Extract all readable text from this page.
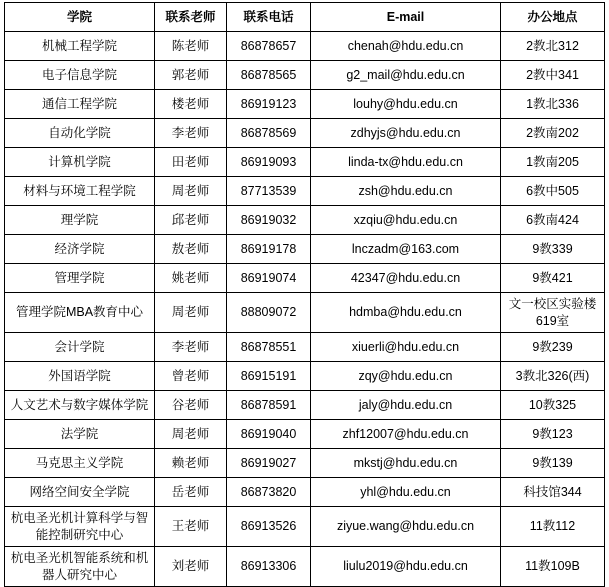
学院	联系老师	联系电话	E-mail	办公地点
机械工程学院	陈老师	86878657	chenah@hdu.edu.cn	2教北312
电子信息学院	郭老师	86878565	g2_mail@hdu.edu.cn	2教中341
通信工程学院	楼老师	86919123	louhy@hdu.edu.cn	1教北336
自动化学院	李老师	86878569	zdhyjs@hdu.edu.cn	2教南202
计算机学院	田老师	86919093	linda-tx@hdu.edu.cn	1教南205
材料与环境工程学院	周老师	87713539	zsh@hdu.edu.cn	6教中505
理学院	邱老师	86919032	xzqiu@hdu.edu.cn	6教南424
经济学院	敖老师	86919178	lnczadm@163.com	9教339
管理学院	姚老师	86919074	42347@hdu.edu.cn	9教421
管理学院MBA教育中心	周老师	88809072	hdmba@hdu.edu.cn	文一校区实验楼619室
会计学院	李老师	86878551	xiuerli@hdu.edu.cn	9教239
外国语学院	曾老师	86915191	zqy@hdu.edu.cn	3教北326(西)
人文艺术与数字媒体学院	谷老师	86878591	jaly@hdu.edu.cn	10教325
法学院	周老师	86919040	zhf12007@hdu.edu.cn	9教123
马克思主义学院	赖老师	86919027	mkstj@hdu.edu.cn	9教139
网络空间安全学院	岳老师	86873820	yhl@hdu.edu.cn	科技馆344
杭电圣光机计算科学与智能控制研究中心	王老师	86913526	ziyue.wang@hdu.edu.cn	11教112
杭电圣光机智能系统和机器人研究中心	刘老师	86913306	liulu2019@hdu.edu.cn	11教109B
